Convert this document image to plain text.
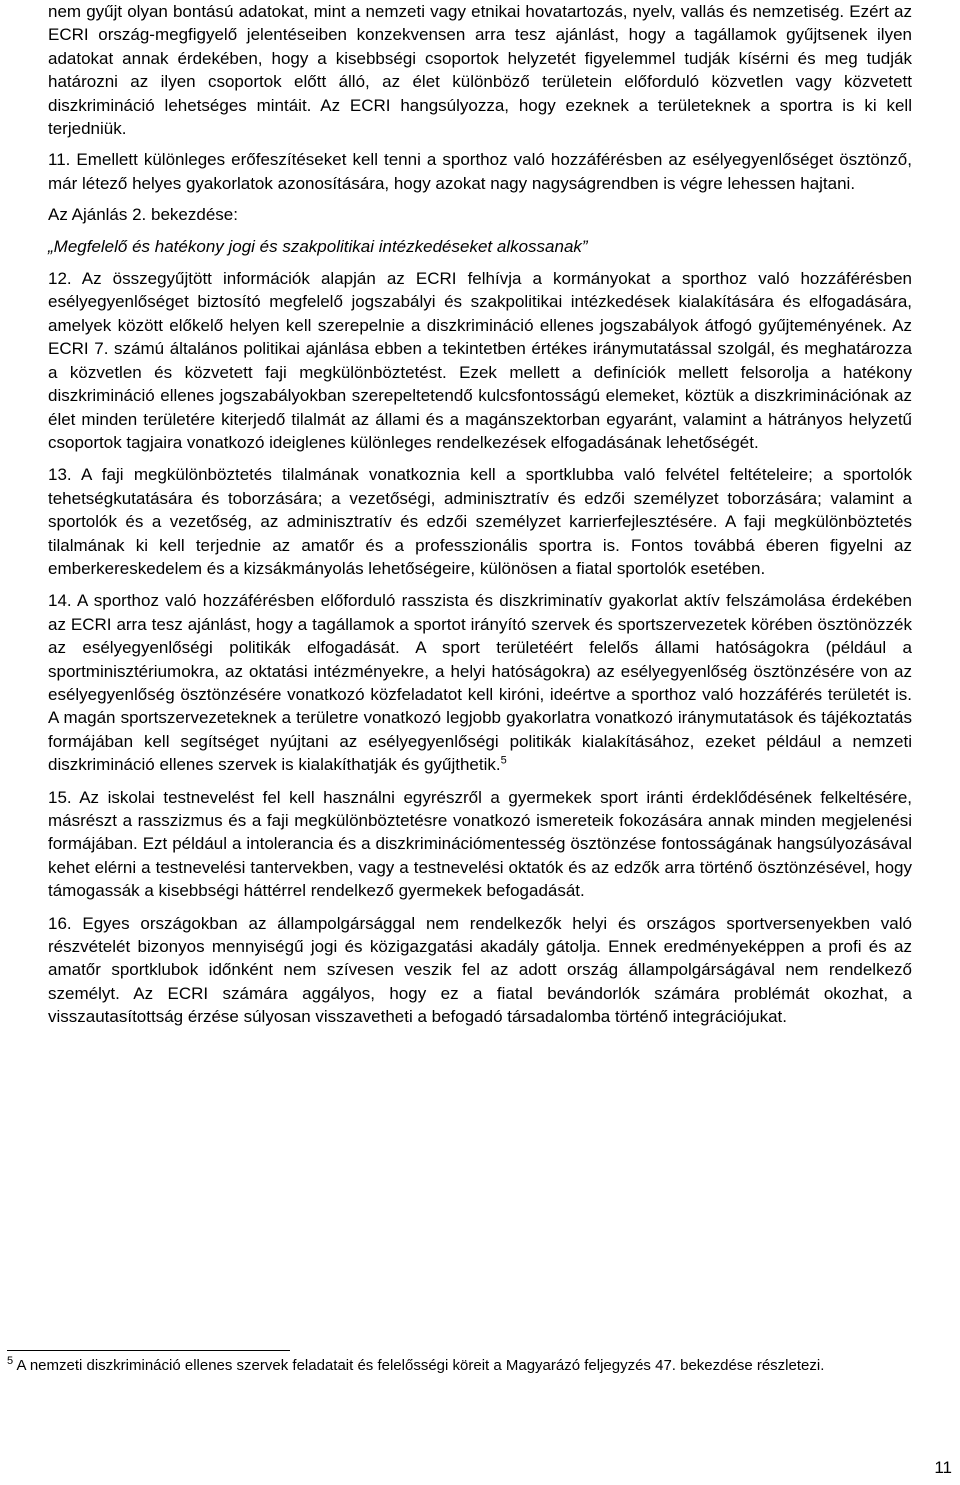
nem gyűjt olyan bontású adatokat, mint a nemzeti vagy etnikai hovatartozás, nyelv, vallás és nemzetiség. Ezért az ECRI ország-megfigyelő jelentéseiben konzekvensen arra tesz ajánlást, hogy a tagállamok gyűjtsenek ilyen adatokat annak érdekében, hogy a kisebbségi csoportok helyzetét figyelemmel tudják kísérni és meg tudják határozni az ilyen csoportok előtt álló, az élet különböző területein előforduló közvetlen vagy közvetett diszkrimináció lehetséges mintáit. Az ECRI hangsúlyozza, hogy ezeknek a területeknek a sportra is ki kell terjedniük.

11. Emellett különleges erőfeszítéseket kell tenni a sporthoz való hozzáférésben az esélyegyenlőséget ösztönző, már létező helyes gyakorlatok azonosítására, hogy azokat nagy nagyságrendben is végre lehessen hajtani.

Az Ajánlás 2. bekezdése:

„Megfelelő és hatékony jogi és szakpolitikai intézkedéseket alkossanak”

12. Az összegyűjtött információk alapján az ECRI felhívja a kormányokat a sporthoz való hozzáférésben esélyegyenlőséget biztosító megfelelő jogszabályi és szakpolitikai intézkedések kialakítására és elfogadására, amelyek között előkelő helyen kell szerepelnie a diszkrimináció ellenes jogszabályok átfogó gyűjteményének. Az ECRI 7. számú általános politikai ajánlása ebben a tekintetben értékes iránymutatással szolgál, és meghatározza a közvetlen és közvetett faji megkülönböztetést. Ezek mellett a definíciók mellett felsorolja a hatékony diszkrimináció ellenes jogszabályokban szerepeltetendő kulcsfontosságú elemeket, köztük a diszkriminációnak az élet minden területére kiterjedő tilalmát az állami és a magánszektorban egyaránt, valamint a hátrányos helyzetű csoportok tagjaira vonatkozó ideiglenes különleges rendelkezések elfogadásának lehetőségét.

13. A faji megkülönböztetés tilalmának vonatkoznia kell a sportklubba való felvétel feltételeire; a sportolók tehetségkutatására és toborzására; a vezetőségi, adminisztratív és edzői személyzet toborzására; valamint a sportolók és a vezetőség, az adminisztratív és edzői személyzet karrierfejlesztésére. A faji megkülönböztetés tilalmának ki kell terjednie az amatőr és a professzionális sportra is. Fontos továbbá éberen figyelni az emberkereskedelem és a kizsákmányolás lehetőségeire, különösen a fiatal sportolók esetében.

14. A sporthoz való hozzáférésben előforduló rasszista és diszkriminatív gyakorlat aktív felszámolása érdekében az ECRI arra tesz ajánlást, hogy a tagállamok a sportot irányító szervek és sportszervezetek körében ösztönözzék az esélyegyenlőségi politikák elfogadását. A sport területéért felelős állami hatóságokra (például a sportminisztériumokra, az oktatási intézményekre, a helyi hatóságokra) az esélyegyenlőség ösztönzésére von az esélyegyenlőség ösztönzésére vonatkozó közfeladatot kell kiróni, ideértve a sporthoz való hozzáférés területét is. A magán sportszervezeteknek a területre vonatkozó legjobb gyakorlatra vonatkozó iránymutatások és tájékoztatás formájában kell segítséget nyújtani az esélyegyenlőségi politikák kialakításához, ezeket például a nemzeti diszkrimináció ellenes szervek is kialakíthatják és gyűjthetik.$^5$

15. Az iskolai testnevelést fel kell használni egyrészről a gyermekek sport iránti érdeklődésének felkeltésére, másrészt a rasszizmus és a faji megkülönböztetésre vonatkozó ismereteik fokozására annak minden megjelenési formájában. Ezt például a intolerancia és a diszkriminációmentesség ösztönzése fontosságának hangsúlyozásával kehet elérni a testnevelési tantervekben, vagy a testnevelési oktatók és az edzők arra történő ösztönzésével, hogy támogassák a kisebbségi háttérrel rendelkező gyermekek befogadását.

16. Egyes országokban az állampolgársággal nem rendelkezők helyi és országos sportversenyekben való részvételét bizonyos mennyiségű jogi és közigazgatási akadály gátolja. Ennek eredményeképpen a profi és az amatőr sportklubok időnként nem szívesen veszik fel az adott ország állampolgárságával nem rendelkező személyt. Az ECRI számára aggályos, hogy ez a fiatal bevándorlók számára problémát okozhat, a visszautasítottság érzése súlyosan visszavetheti a befogadó társadalomba történő integrációjukat.

$^5$ A nemzeti diszkrimináció ellenes szervek feladatait és felelősségi köreit a Magyarázó feljegyzés 47. bekezdése részletezi.
11
